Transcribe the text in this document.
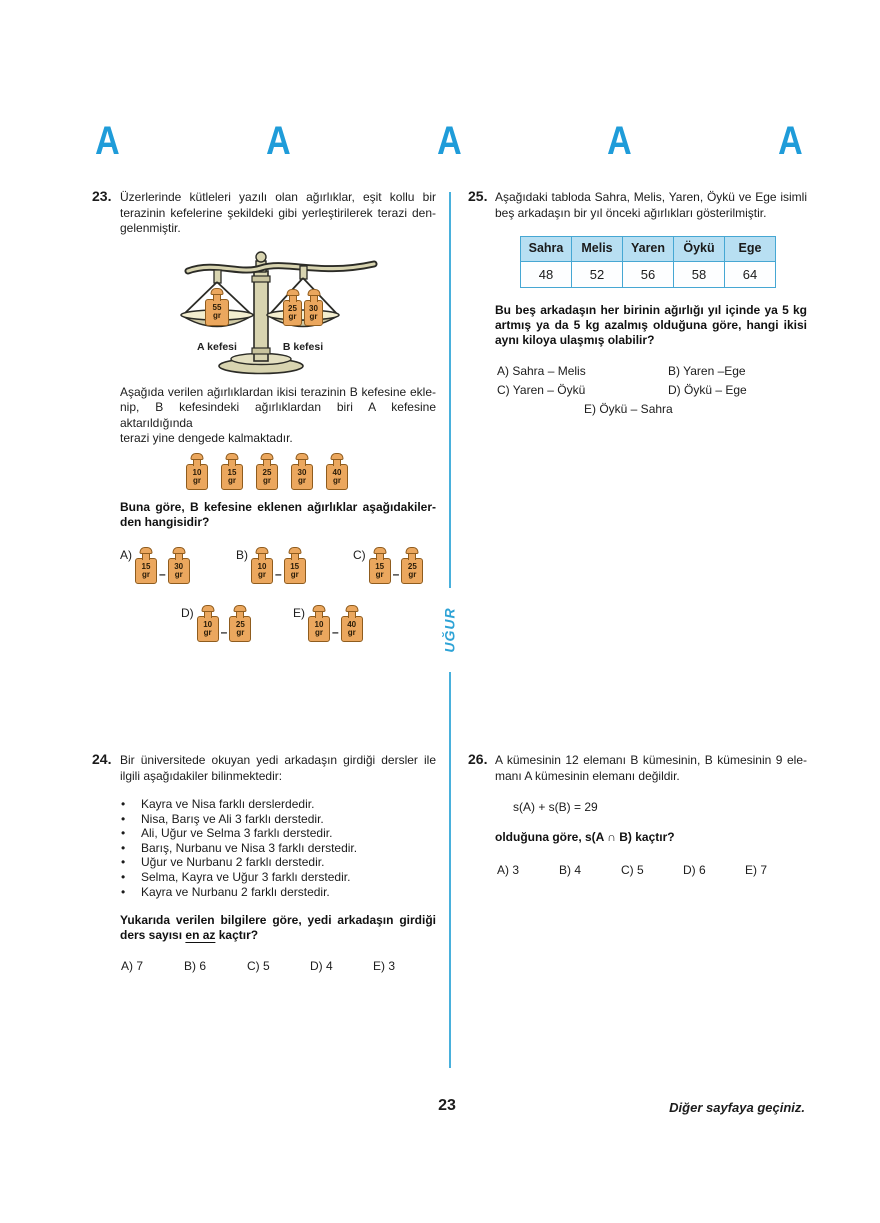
A	A	A	A	A
UĞUR
23. Üzerlerinde kütleleri yazılı olan ağırlıklar, eşit kollu bir
terazinin kefelerine şekildeki gibi yerleştirilerek terazi den-
gelenmiştir.
55
gr
25
gr
30
gr
A kefesi	B kefesi
Aşağıda verilen ağırlıklardan ikisi terazinin B kefesine ekle-
nip, B kefesindeki ağırlıklardan biri A kefesine aktarıldığında
terazi yine dengede kalmaktadır.
10
gr
15
gr
25
gr
30
gr
40
gr
Buna göre, B kefesine eklenen ağırlıklar aşağıdakiler-
den hangisidir?
A)
15
gr –
30
gr
B)
10
gr –
15
gr
C)
15
gr –
25
gr
D)
10
gr –
25
gr
E)
10
gr –
40
gr
25. Aşağıdaki tabloda Sahra, Melis, Yaren, Öykü ve Ege isimli
beş arkadaşın bir yıl önceki ağırlıkları gösterilmiştir.
Sahra	Melis	Yaren	Öykü	Ege
48	52	56	58	64
Bu beş arkadaşın her birinin ağırlığı yıl içinde ya 5 kg
artmış ya da 5 kg azalmış olduğuna göre, hangi ikisi
aynı kiloya ulaşmış olabilir?
A) Sahra – Melis	B) Yaren –Ege
C) Yaren – Öykü	D) Öykü – Ege
E) Öykü – Sahra
24. Bir üniversitede okuyan yedi arkadaşın girdiği dersler ile
ilgili aşağıdakiler bilinmektedir:
•	Kayra ve Nisa farklı derslerdedir.
•	Nisa, Barış ve Ali 3 farklı derstedir.
•	Ali, Uğur ve Selma 3 farklı derstedir.
•	Barış, Nurbanu ve Nisa 3 farklı derstedir.
•	Uğur ve Nurbanu 2 farklı derstedir.
•	Selma, Kayra ve Uğur 3 farklı derstedir.
•	Kayra ve Nurbanu 2 farklı derstedir.
Yukarıda verilen bilgilere göre, yedi arkadaşın girdiği
ders sayısı en az kaçtır?
A) 7	B) 6	C) 5	D) 4	E) 3
26. A kümesinin 12 elemanı B kümesinin, B kümesinin 9 ele-
manı A kümesinin elemanı değildir.
s(A) + s(B) = 29
olduğuna göre, s(A ∩ B) kaçtır?
A) 3	B) 4	C) 5	D) 6	E) 7
23	Diğer sayfaya geçiniz.
